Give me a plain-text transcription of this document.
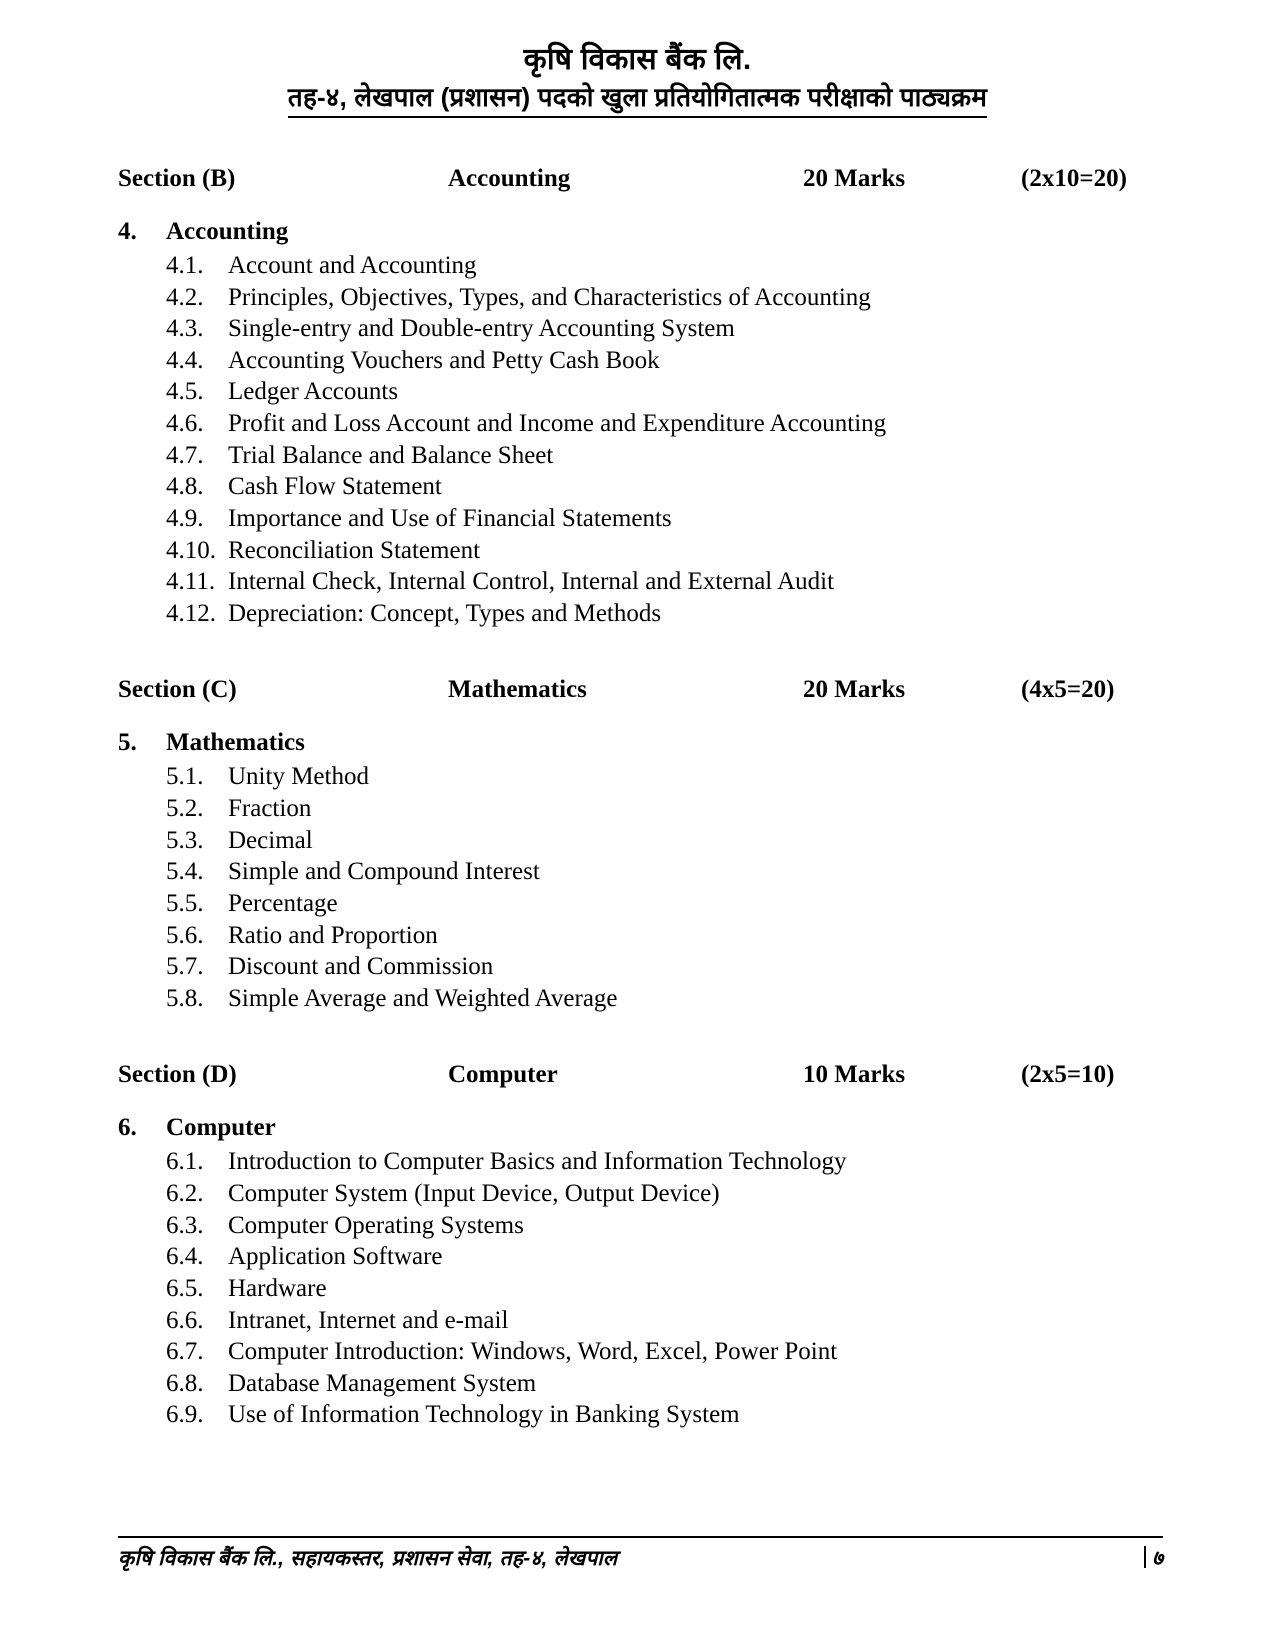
कृषि विकास बैंक लि.
तह-४, लेखपाल (प्रशासन) पदको खुला प्रतियोगितात्मक परीक्षाको पाठ्यक्रम
Section (B)	Accounting	20 Marks	(2x10=20)
4.	Accounting
4.1. Account and Accounting
4.2. Principles, Objectives, Types, and Characteristics of Accounting
4.3. Single-entry and Double-entry Accounting System
4.4. Accounting Vouchers and Petty Cash Book
4.5. Ledger Accounts
4.6. Profit and Loss Account and Income and Expenditure Accounting
4.7. Trial Balance and Balance Sheet
4.8. Cash Flow Statement
4.9. Importance and Use of Financial Statements
4.10. Reconciliation Statement
4.11. Internal Check, Internal Control, Internal and External Audit
4.12. Depreciation: Concept, Types and Methods
Section (C)	Mathematics	20 Marks	(4x5=20)
5.	Mathematics
5.1. Unity Method
5.2. Fraction
5.3. Decimal
5.4. Simple and Compound Interest
5.5. Percentage
5.6. Ratio and Proportion
5.7. Discount and Commission
5.8. Simple Average and Weighted Average
Section (D)	Computer	10 Marks	(2x5=10)
6.	Computer
6.1. Introduction to Computer Basics and Information Technology
6.2. Computer System (Input Device, Output Device)
6.3. Computer Operating Systems
6.4. Application Software
6.5. Hardware
6.6. Intranet, Internet and e-mail
6.7. Computer Introduction: Windows, Word, Excel, Power Point
6.8. Database Management System
6.9. Use of Information Technology in Banking System
कृषि विकास बैंक लि., सहायकस्तर, प्रशासन सेवा, तह-४, लेखपाल	७
